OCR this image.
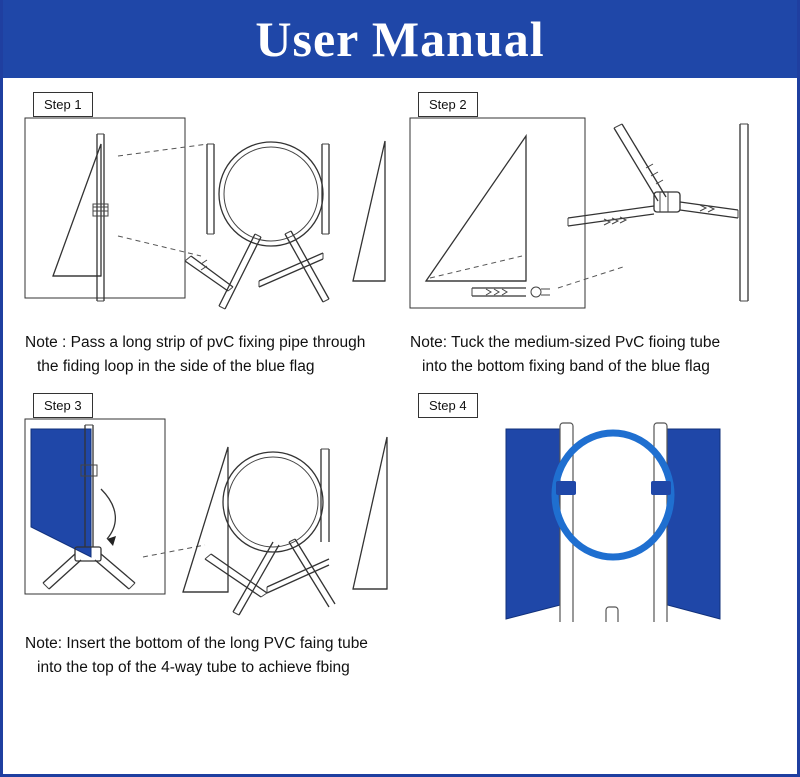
User Manual
Step 1
Note : Pass a long strip of pvC fixing pipe through
the fiding loop in the side of the blue flag
Step 2
Note: Tuck the medium-sized PvC fioing tube
into the bottom fixing band of the blue flag
Step 3
Note: Insert the bottom of the long PVC faing tube
into the top of the 4-way tube to achieve fbing
Step 4
